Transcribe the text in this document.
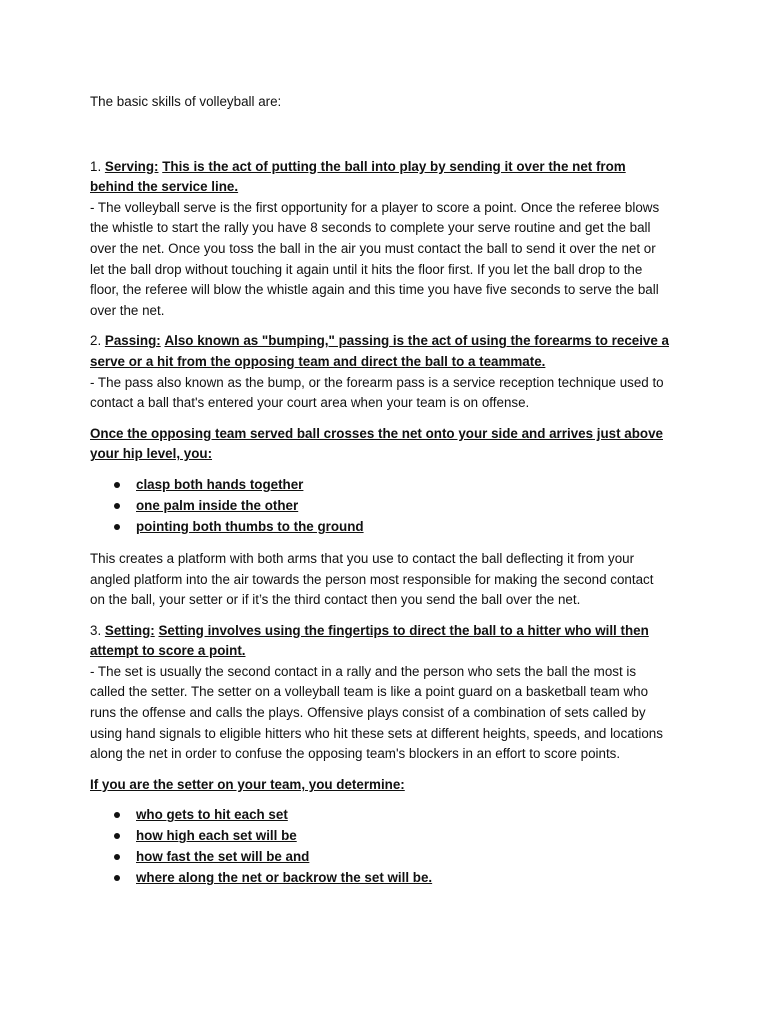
The basic skills of volleyball are:

1. Serving: This is the act of putting the ball into play by sending it over the net from behind the service line.

- The volleyball serve is the first opportunity for a player to score a point. Once the referee blows the whistle to start the rally you have 8 seconds to complete your serve routine and get the ball over the net. Once you toss the ball in the air you must contact the ball to send it over the net or let the ball drop without touching it again until it hits the floor first. If you let the ball drop to the floor, the referee will blow the whistle again and this time you have five seconds to serve the ball over the net.

2. Passing: Also known as "bumping," passing is the act of using the forearms to receive a serve or a hit from the opposing team and direct the ball to a teammate.

- The pass also known as the bump, or the forearm pass is a service reception technique used to contact a ball that's entered your court area when your team is on offense.

Once the opposing team served ball crosses the net onto your side and arrives just above your hip level, you:

clasp both hands together
one palm inside the other
pointing both thumbs to the ground

This creates a platform with both arms that you use to contact the ball deflecting it from your angled platform into the air towards the person most responsible for making the second contact on the ball, your setter or if it’s the third contact then you send the ball over the net.

3. Setting: Setting involves using the fingertips to direct the ball to a hitter who will then attempt to score a point.

- The set is usually the second contact in a rally and the person who sets the ball the most is called the setter. The setter on a volleyball team is like a point guard on a basketball team who runs the offense and calls the plays. Offensive plays consist of a combination of sets called by using hand signals to eligible hitters who hit these sets at different heights, speeds, and locations along the net in order to confuse the opposing team's blockers in an effort to score points.

If you are the setter on your team, you determine:

who gets to hit each set
how high each set will be
how fast the set will be and
where along the net or backrow the set will be.
